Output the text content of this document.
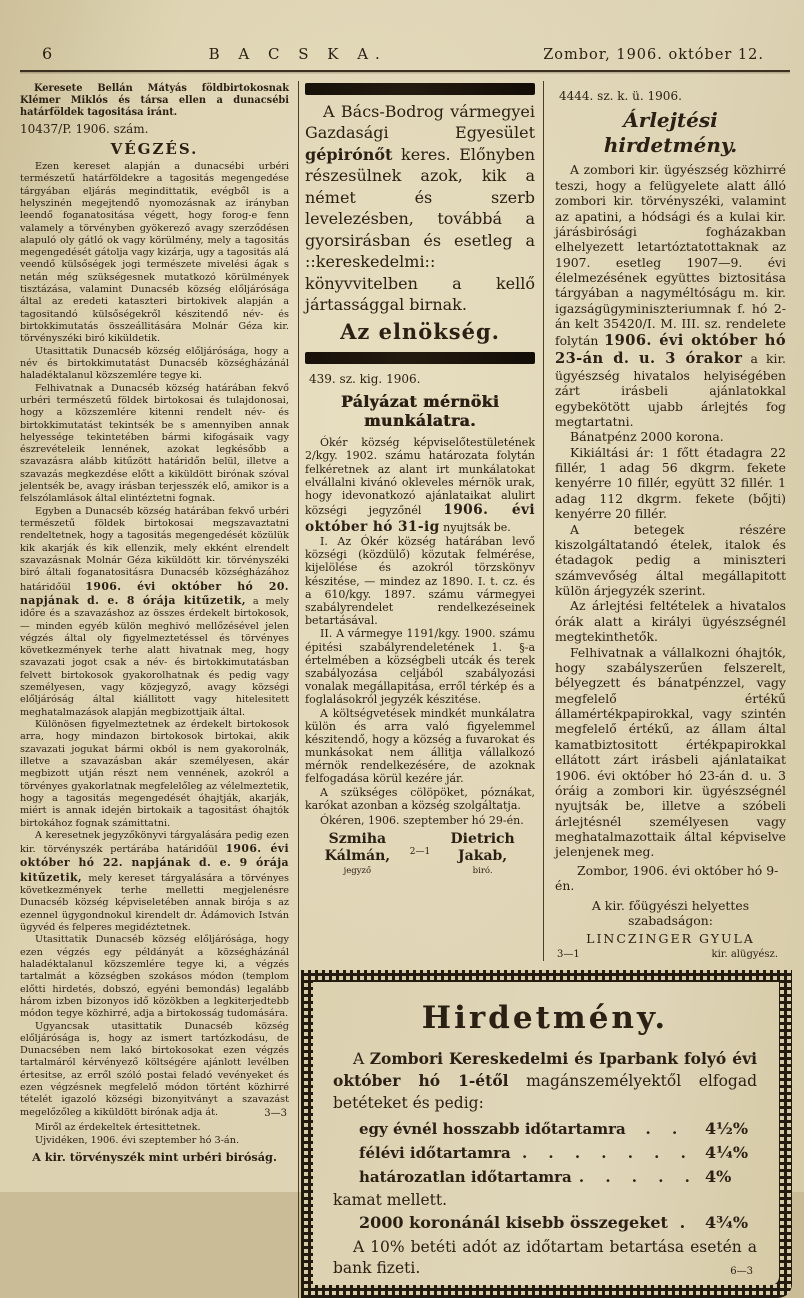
6	B A C S K A.	Zombor, 1906. október 12.

Keresete Bellán Mátyás földbirtokosnak Klémer Miklós és társa ellen a dunacsébi határföldek tagositása iránt.

10437/P. 1906. szám.

VÉGZÉS.

Ezen kereset alapján a dunacsébi urbéri természetű határföldekre a tagositás megengedése tárgyában eljárás megindittatik, evégből is a helyszinén megejtendő nyomozásnak az irányban leendő foganatositása végett, hogy forog-e fenn valamely a törvényben gyökerező avagy szerződésen alapuló oly gátló ok vagy körülmény, mely a tagositás megengedését gátolja vagy kizárja, ugy a tagositás alá veendő külsőségek jogi természete mivelési ágak s netán még szükségesnek mutatkozó körülmények tisztázása, valamint Dunacséb község előljárósága által az eredeti kataszteri birtokivek alapján a tagositandó külsőségekről készitendő név- és birtokkimutatás összeállitására Molnár Géza kir. törvényszéki biró kiküldetik.

Utasittatik Dunacséb község előljárósága, hogy a név és birtokkimutatást Dunacséb községházánál haladéktalanul közszemlére tegye ki.

Felhivatnak a Dunacséb község határában fekvő urbéri természetű földek birtokosai és tulajdonosai, hogy a közszemlére kitenni rendelt név- és birtokkimutatást tekintsék be s amennyiben annak helyessége tekintetében bármi kifogásaik vagy észrevételeik lennének, azokat legkésőbb a szavazásra alább kitűzött határidőn belül, illetve a szavazás megkezdése előtt a kiküldött birónak szóval jelentsék be, avagy irásban terjesszék elő, amikor is a felszólamlások által elintéztetni fognak.

Egyben a Dunacséb község határában fekvő urbéri természetű földek birtokosai megszavaztatni rendeltetnek, hogy a tagositás megengedését közülük kik akarják és kik ellenzik, mely ekként elrendelt szavazásnak Molnár Géza kiküldött kir. törvényszéki biró általi foganatositásra Dunacséb községházához határidőül 1906. évi október hó 20. napjának d. e. 8 órája kitűzetik, a mely időre és a szavazáshoz az összes érdekelt birtokosok, — minden egyéb külön meghivó mellőzésével jelen végzés által oly figyelmeztetéssel és törvényes következmények terhe alatt hivatnak meg, hogy szavazati jogot csak a név- és birtokkimutatásban felvett birtokosok gyakorolhatnak és pedig vagy személyesen, vagy közjegyző, avagy községi előljáróság által kiállitott vagy hitelesitett meghatalmazások alapján megbizottjaik által.

Különösen figyelmeztetnek az érdekelt birtokosok arra, hogy mindazon birtokosok birtokai, akik szavazati jogukat bármi okból is nem gyakorolnák, illetve a szavazásban akár személyesen, akár megbizott utján részt nem vennének, azokról a törvényes gyakorlatnak megfelelőleg az vélelmeztetik, hogy a tagositás megengedését óhajtják, akarják, miért is annak idején birtokaik a tagositást óhajtók birtokához fognak számittatni.

A keresetnek jegyzőkönyvi tárgyalására pedig ezen kir. törvényszék pertárába határidőül 1906. évi október hó 22. napjának d. e. 9 órája kitűzetik, mely kereset tárgyalására a törvényes következmények terhe melletti megjelenésre Dunacséb község képviseletében annak birója s az ezennel ügygondnokul kirendelt dr. Ádámovich István ügyvéd és felperes megidéztetnek.

Utasittatik Dunacséb község előljárósága, hogy ezen végzés egy példányát a községházánál haladéktalanul közszemlére tegye ki, a végzés tartalmát a községben szokásos módon (templom előtti hirdetés, dobszó, egyéni bemondás) legalább három izben bizonyos idő közökben a legkiterjedtebb módon tegye közhirré, adja a birtokosság tudomására.

Ugyancsak utasittatik Dunacséb község előljárósága is, hogy az ismert tartózkodásu, de Dunacsében nem lakó birtokosokat ezen végzés tartalmáról kérvényező költségére ajánlott levélben értesitse, az erről szóló postai feladó vevényeket és ezen végzésnek megfelelő módon történt közhirré tételét igazoló községi bizonyitványt a szavazást megelőzőleg a kiküldött birónak adja át.	3—3

Miről az érdekeltek értesittetnek.

Ujvidéken, 1906. évi szeptember hó 3-án.

A kir. törvényszék mint urbéri biróság.

A Bács-Bodrog vármegyei Gazdasági Egyesület gépirónőt keres. Előnyben részesülnek azok, kik a német és szerb levelezésben, továbbá a gyorsirásban és esetleg a ::kereskedelmi:: könyvvitelben a kellő jártassággal birnak.

Az elnökség.

439. sz. kig. 1906.

Pályázat mérnöki munkálatra.

Ókér község képviselőtestületének 2/kgy. 1902. számu határozata folytán felkéretnek az alant irt munkálatokat elvállalni kivánó okleveles mérnök urak, hogy idevonatkozó ajánlataikat alulirt községi jegyzőnél 1906. évi október hó 31-ig nyujtsák be.

I. Az Ókér község határában levő községi (közdülő) közutak felmérése, kijelölése és azokról törzskönyv készitése, — mindez az 1890. I. t. cz. és a 610/kgy. 1897. számu vármegyei szabályrendelet rendelkezéseinek betartásával.

II. A vármegye 1191/kgy. 1900. számu épitési szabályrendeletének 1. §-a értelmében a községbeli utcák és terek szabályozása celjából szabályozási vonalak megállapitása, erről térkép és a foglalásokról jegyzék készitése.

A költségvetések mindkét munkálatra külön és arra való figyelemmel készitendő, hogy a község a fuvarokat és munkásokat nem állitja vállalkozó mérnök rendelkezésére, de azoknak felfogadása körül kezére jár.

A szükséges cölöpöket, póznákat, karókat azonban a község szolgáltatja.

Ókéren, 1906. szeptember hó 29-én.

Szmiha Kálmán,
jegyző
2—1
Dietrich Jakab,
biró.

4444. sz. k. ü. 1906.

Árlejtési hirdetmény.

A zombori kir. ügyészség közhirré teszi, hogy a felügyelete alatt álló zombori kir. törvényszéki, valamint az apatini, a hódsági és a kulai kir. járásbirósági fogházakban elhelyezett letartóztatottaknak az 1907. esetleg 1907—9. évi élelmezésének együttes biztositása tárgyában a nagyméltóságu m. kir. igazságügyminiszteriumnak f. hó 2-án kelt 35420/I. M. III. sz. rendelete folytán 1906. évi október hó 23-án d. u. 3 órakor a kir. ügyészség hivatalos helyiségében zárt irásbeli ajánlatokkal egybekötött ujabb árlejtés fog megtartatni.

Bánatpénz 2000 korona.

Kikiáltási ár: 1 főtt étadagra 22 fillér, 1 adag 56 dkgrm. fekete kenyérre 10 fillér, együtt 32 fillér. 1 adag 112 dkgrm. fekete (bőjti) kenyérre 20 fillér.

A betegek részére kiszolgáltatandó ételek, italok és étadagok pedig a miniszteri számvevőség által megállapitott külön árjegyzék szerint.

Az árlejtési feltételek a hivatalos órák alatt a királyi ügyészségnél megtekinthetők.

Felhivatnak a vállalkozni óhajtók, hogy szabályszerűen felszerelt, bélyegzett és bánatpénzzel, vagy megfelelő értékű államértékpapirokkal, vagy szintén megfelelő értékű, az állam által kamatbiztositott értékpapirokkal ellátott zárt irásbeli ajánlataikat 1906. évi október hó 23-án d. u. 3 óráig a zombori kir. ügyészségnél nyujtsák be, illetve a szóbeli árlejtésnél személyesen vagy meghatalmazottaik által képviselve jelenjenek meg.

Zombor, 1906. évi október hó 9-én.

A kir. főügyészi helyettes szabadságon:

LINCZINGER GYULA

3—1	kir. alügyész.
Hirdetmény.

A Zombori Kereskedelmi és Iparbank folyó évi október hó 1-étől magánszemélyektől elfogad betéteket és pedig:

egy évnél hosszabb időtartamra	. .	4½%
félévi időtartamra . . . . . . . 4¼%
határozatlan időtartamra . . . . . 4%

kamat mellett.

2000 koronánál kisebb összegeket . 4¾%

A 10% betéti adót az időtartam betartása esetén a bank fizeti.	6—3
